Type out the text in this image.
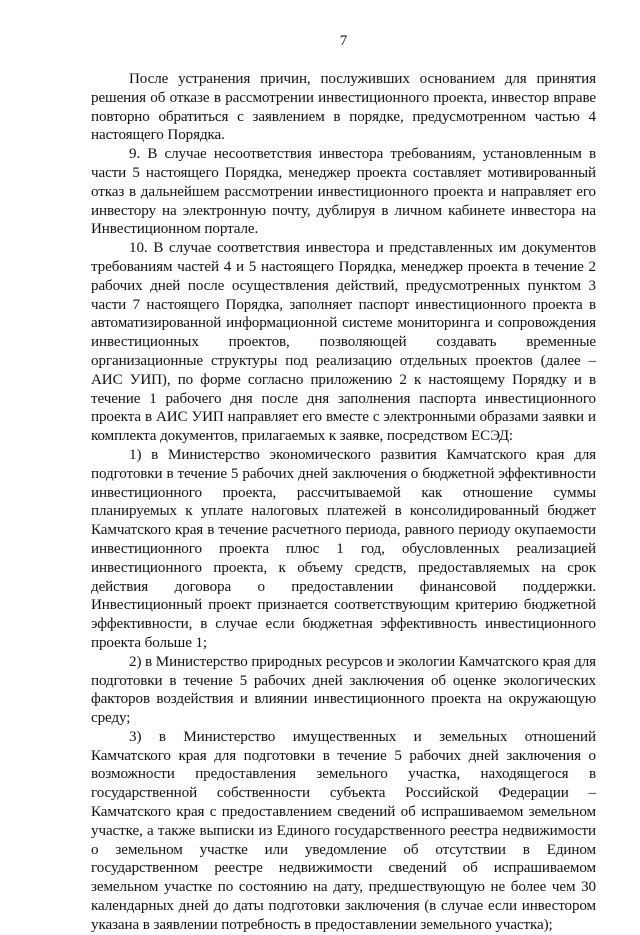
7

После устранения причин, послуживших основанием для принятия решения об отказе в рассмотрении инвестиционного проекта, инвестор вправе повторно обратиться с заявлением в порядке, предусмотренном частью 4 настоящего Порядка.

9. В случае несоответствия инвестора требованиям, установленным в части 5 настоящего Порядка, менеджер проекта составляет мотивированный отказ в дальнейшем рассмотрении инвестиционного проекта и направляет его инвестору на электронную почту, дублируя в личном кабинете инвестора на Инвестиционном портале.

10. В случае соответствия инвестора и представленных им документов требованиям частей 4 и 5 настоящего Порядка, менеджер проекта в течение 2 рабочих дней после осуществления действий, предусмотренных пунктом 3 части 7 настоящего Порядка, заполняет паспорт инвестиционного проекта в автоматизированной информационной системе мониторинга и сопровождения инвестиционных проектов, позволяющей создавать временные организационные структуры под реализацию отдельных проектов (далее – АИС УИП), по форме согласно приложению 2 к настоящему Порядку и в течение 1 рабочего дня после дня заполнения паспорта инвестиционного проекта в АИС УИП направляет его вместе с электронными образами заявки и комплекта документов, прилагаемых к заявке, посредством ЕСЭД:

1) в Министерство экономического развития Камчатского края для подготовки в течение 5 рабочих дней заключения о бюджетной эффективности инвестиционного проекта, рассчитываемой как отношение суммы планируемых к уплате налоговых платежей в консолидированный бюджет Камчатского края в течение расчетного периода, равного периоду окупаемости инвестиционного проекта плюс 1 год, обусловленных реализацией инвестиционного проекта, к объему средств, предоставляемых на срок действия договора о предоставлении финансовой поддержки. Инвестиционный проект признается соответствующим критерию бюджетной эффективности, в случае если бюджетная эффективность инвестиционного проекта больше 1;

2) в Министерство природных ресурсов и экологии Камчатского края для подготовки в течение 5 рабочих дней заключения об оценке экологических факторов воздействия и влиянии инвестиционного проекта на окружающую среду;

3) в Министерство имущественных и земельных отношений Камчатского края для подготовки в течение 5 рабочих дней заключения о возможности предоставления земельного участка, находящегося в государственной собственности субъекта Российской Федерации – Камчатского края с предоставлением сведений об испрашиваемом земельном участке, а также выписки из Единого государственного реестра недвижимости о земельном участке или уведомление об отсутствии в Едином государственном реестре недвижимости сведений об испрашиваемом земельном участке по состоянию на дату, предшествующую не более чем 30 календарных дней до даты подготовки заключения (в случае если инвестором указана в заявлении потребность в предоставлении земельного участка);
